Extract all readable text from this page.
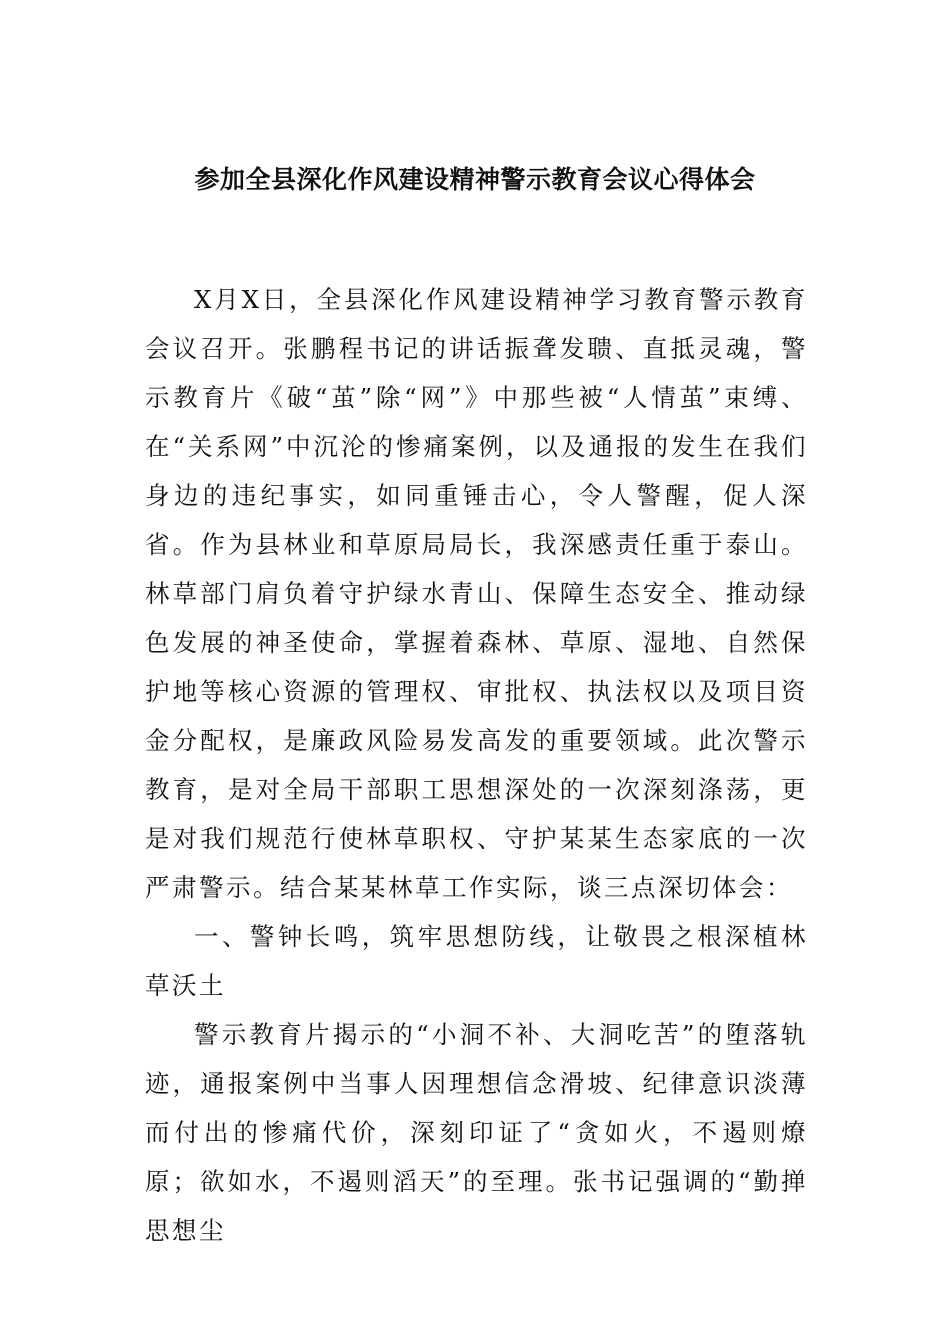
参加全县深化作风建设精神警示教育会议心得体会

X月X日，全县深化作风建设精神学习教育警示教育会议召开。张鹏程书记的讲话振聋发聩、直抵灵魂，警示教育片《破“茧”除“网”》中那些被“人情茧”束缚、在“关系网”中沉沦的惨痛案例，以及通报的发生在我们身边的违纪事实，如同重锤击心，令人警醒，促人深省。作为县林业和草原局局长，我深感责任重于泰山。林草部门肩负着守护绿水青山、保障生态安全、推动绿色发展的神圣使命，掌握着森林、草原、湿地、自然保护地等核心资源的管理权、审批权、执法权以及项目资金分配权，是廉政风险易发高发的重要领域。此次警示教育，是对全局干部职工思想深处的一次深刻涤荡，更是对我们规范行使林草职权、守护某某生态家底的一次严肃警示。结合某某林草工作实际，谈三点深切体会：

一、警钟长鸣，筑牢思想防线，让敬畏之根深植林草沃土

警示教育片揭示的“小洞不补、大洞吃苦”的堕落轨迹，通报案例中当事人因理想信念滑坡、纪律意识淡薄而付出的惨痛代价，深刻印证了“贪如火，不遏则燎原；欲如水，不遏则滔天”的至理。张书记强调的“勤掸思想尘
